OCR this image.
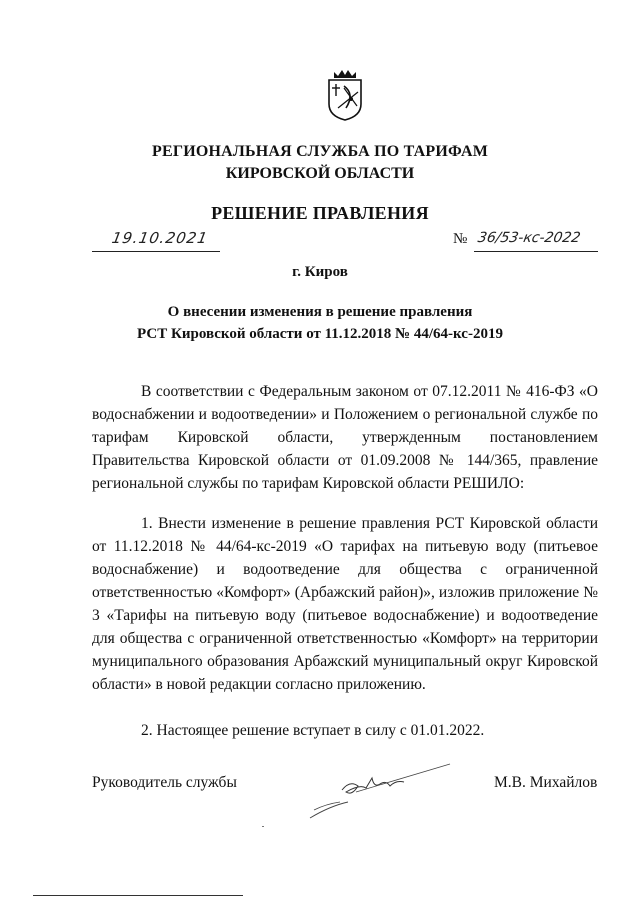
РЕГИОНАЛЬНАЯ СЛУЖБА ПО ТАРИФАМ
КИРОВСКОЙ ОБЛАСТИ
РЕШЕНИЕ ПРАВЛЕНИЯ
19.10.2021	№ 36/53-кс-2022
г. Киров
О внесении изменения в решение правления
РСТ Кировской области от 11.12.2018 № 44/64-кс-2019
В соответствии с Федеральным законом от 07.12.2011 № 416-ФЗ «О водоснабжении и водоотведении» и Положением о региональной службе по тарифам Кировской области, утвержденным постановлением Правительства Кировской области от 01.09.2008 № 144/365, правление региональной службы по тарифам Кировской области РЕШИЛО:
1. Внести изменение в решение правления РСТ Кировской области от 11.12.2018 № 44/64-кс-2019 «О тарифах на питьевую воду (питьевое водоснабжение) и водоотведение для общества с ограниченной ответственностью «Комфорт» (Арбажский район)», изложив приложение № 3 «Тарифы на питьевую воду (питьевое водоснабжение) и водоотведение для общества с ограниченной ответственностью «Комфорт» на территории муниципального образования Арбажский муниципальный округ Кировской области» в новой редакции согласно приложению.
2. Настоящее решение вступает в силу с 01.01.2022.
Руководитель службы	М.В. Михайлов
